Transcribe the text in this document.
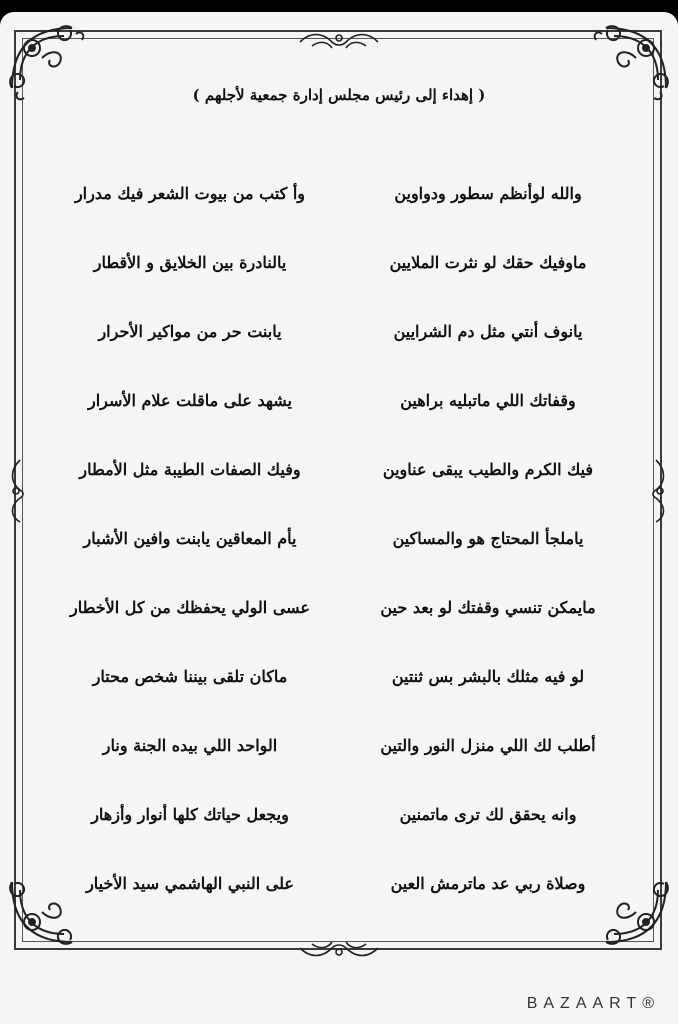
( إهداء إلى رئيس مجلس إدارة جمعية لأجلهم )
والله لوأنظم سطور ودواوين
وأ كتب من بيوت الشعر فيك مدرار
ماوفيك حقك لو نثرت الملايين
يالنادرة بين الخلايق و الأقطار
يانوف أنتي مثل دم الشرايين
يابنت حر من مواكير الأحرار
وقفاتك اللي ماتبليه براهين
يشهد على ماقلت علام الأسرار
فيك الكرم والطيب يبقى عناوين
وفيك الصفات الطيبة مثل الأمطار
ياملجأ المحتاج هو والمساكين
يأم المعاقين يابنت وافين الأشبار
مايمكن تنسي وقفتك لو بعد حين
عسى الولي يحفظك من كل الأخطار
لو فيه مثلك بالبشر بس ثنتين
ماكان تلقى بيننا شخص محتار
أطلب لك اللي منزل النور والتين
الواحد اللي بيده الجنة ونار
وانه يحقق لك ترى ماتمنين
ويجعل حياتك كلها أنوار وأزهار
وصلاة ربي عد ماترمش العين
على النبي الهاشمي سيد الأخيار
BAZAART®
